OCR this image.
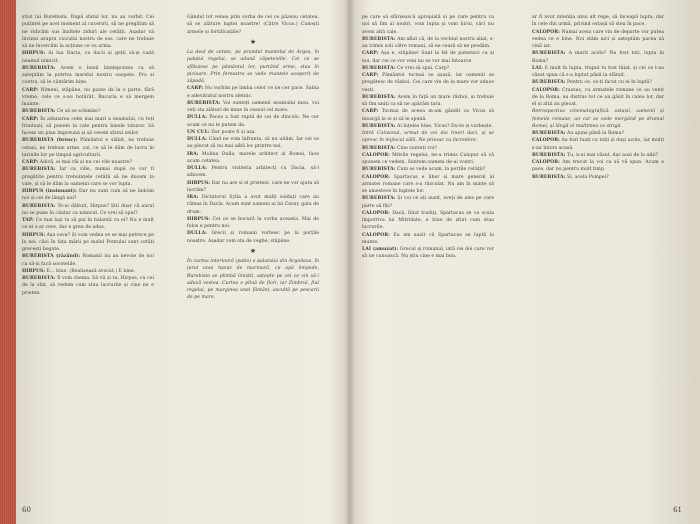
știut lui Burebista. După sfatul lor, nu au vorbit. Cei puțintel pe acel moment al cuceririi, să ne pregătim să ne ridicăm sus înaltele ziduri ale cetății. Așadar vă învinui asupra ciocului nostru de sus, care ne trebuie să ne încercăm la acțiune ce va urma.

HIRPUS: Ai lua Dacia, ca dacii și geții să-și vadă neamul nimicit.

BUREBISTA: Avem o bună înțelepciune ca să așteptăm la potriva marelui nostru oaspete. Pro și contra, să le cântărim bine.

CARP: Nimeni, stăpâne, nu poate da la o parte, fără vreme, cele ce s-au hotărât. Bucuria e să mergem înainte.

BUREBISTA: Ce să se schimbe?

CARP: În adunarea celei mai mari a neamului, cu toți fruntașii, să punem la cale pentru binele tuturor. Să facem un plan împreună și să cerem sfatul zeilor.

BUREBISTA (brusc): Pământul e slăbit, ne trebuie ostași, ne trebuie arme, cai, ce să le dăm de lucru în țarinile lor pe timpul agriculturii.

CARP: Adică, ei mai răi și nu cei vile noastre?

BUREBISTA: Iar ca ville, numai după ce vor fi pregătite pentru trebuințele cetății să ne ducem la vale, și să le dăm la oamenii care se vor lupta.

HIRPUS (insinuant): Dar nu sunt cum să ne îndoim noi și cei de lângă noi?

BUREBISTA: Te-ai dăltuit, Hirpus? Știi doar că aurul nu se pune în cântar ca nimicul. Ce vrei să spui?

TAP: Ce mai lași tu să pui în balanță cu ei? Nu e mult ce ni s-ar cere, dar e greu de adus.

HIRPUS: Așa ceva? Și vom vedea ce se mai petrece pe la noi, căci în fața mării pe malul Pontului sunt cetăți grecești bogate.

BUREBISTA (râzând): Romanii nu au nevoie de noi ca să-și facă socotelile.

HIRPUS: E... bine. (Realizează avocat.) E bine.

BUREBISTA: Îl vom chema. Să vii și tu, Hirpus, cu cei de la sfat, să vedem cum stau lucrurile și cine ne e prieten.

Gândul tot venea prin vorba de cei ce păzeau cetatea, să se alăture luptei noastre! (Către Vicus.) Cunoști armele și fortificațiile?

★

La deal de cetate, pe prundul muntelui de Argeș, în palatul regelui, se adună căpeteniile. Cei ce se sfătuiesc pe pământul lor, purtând arme, stau în picioare. Prin fereastra se vede muntele acoperit de zăpadă.

CARP: Nu vorbim pe limba celor ce ne cer pace. Sabia e adevăratul nostru sfetnic.

BUREBISTA: Voi sunteți oamenii neamului meu, voi veți sta alături de mine în ceasul cel mare.

DULLA: Pacea a fost ruptă de cei de dincolo. Ne cer acum ce nu le putem da.

UN CUL: Dar poate fi și așa.

DULLA: Când ne vom înfrunta, să nu uităm. Iar cei ce au plecat să nu mai aibă loc printre noi.

IRA: Molina Dulla, marele arhitect al Romei, face acum cetatea.

DULLA: Pentru vistieria arhitecți cu Dacia, să-l aducem.

HIRPUS: Dar nu are și el prieteni, care ne vor ajuta să lucrăm?

IRA: Dictatorul Sylla a avut mulți soldați care au rămas în Dacia. Acum sunt oameni ai lui Cezar, gata de drum.

HIRPUS: Cei ce se bucură la vorba aceasta. Mai de folos e pentru noi.

DULLA: Grecii și romanii vorbesc pe la porțile noastre. Așadar vom sta de veghe, stăpâne.

★

În curtea interioară (patio) a palatului din Argedava, în jurul unui havuz de marmură, cu apă limpede, Burebista se plimbă liniștit, aștepte pe cei ce vin să-i aducă vestea. Curtea e plină de flori, iar Zimbrul, fiul regelui, pe marginea unei fântâni, ascultă pe pescarii de pe mare.

60

pe care să sfârșească apropiată și pe care pentru ca noi să fim ai noștri, vom lupta și vom birui, căci nu avem altă cale.

BUREBISTA: Am aflat că, de la vechiul nostru aliat, s-au trimis soli către romani, să ne ceară să ne predăm.

CARP: Așa e, stăpâne! Sunt la fel de puternici ca și noi, dar cei ce vor veni nu se vor mai întoarce.

BUREBISTA: Ce vrei să spui, Carp?

CARP: Pământul tocmai se așază, iar oamenii se pregătesc de război. Cei care vin de la mare vor aduce vești.

BUREBISTA: Avem în faţă un mare război, și trebuie să fim uniți ca să ne apărăm țara.

CARP: Tocmai de aceea m-am gândit ca Vicus să meargă la ei și să le spună.

BUREBISTA: Ai înțeles bine, Vicus? Du-te și vorbește.

Intră Cotisonul, urmat de cei doi tineri daci, și se opresc în mijlocul sălii. Ne privesc cu încredere.

BUREBISTA: Cine sunteți voi?

CALOPOR: Mitrile regelui, ne-a trimis Calopor să vă spunem ce vedem. Suntem oameni de-ai voștri.

BUREBISTA: Cum se vede acum, la porțile cetății?

CALOPOR: Spartacus e liber și mare general al armatei romane care s-a răsculat. Nu am în minte să se amestece în luptele lor.

BUREBISTA: Și voi ce ați auzit, aveți de ales pe care parte să fiți?

CALOPOR: Dacă, fiind tradiţi, Spartacus se va scula împotriva lui Mitridate, e bine de știut cum stau lucrurile.

CALOPOR: Eu am auzit că Spartacus se luptă la munte.

LAI (amuzat): Grecul și romanul, iată cei doi care vor să ne cunoască. Nu știu cine e mai bun.

ar fi avut intenția unui alt rege, să înceapă lupta; dar în cele din urmă, privind ostașii să stea în pace.

CALOPOR: Numai aceia care vin de departe vor putea vedea ce e bine. Noi stăm aici și așteptăm pacea să vină iar.

BUREBISTA: A murit acolo? Nu fost toți, lupta în Roma?

LAI: E mult în lupta, trupul tu fost tăiat, și cei ce l-au văzut spun că s-a luptat până la sfârșit.

BUREBISTA: Pentru ce, ce-ți facut cu ei în luptă?

CALOPOR: Crassus, cu armatele romane ce au venit de la Roma, au distrus tot ce au găsit în calea lor, dar el și alții au plecat.

Retrospectiva cinematografică: ostașii, oamenii și femeile romane, un car se vede mergând pe drumul Romei, și lângă el mulțimea ce strigă.

BUREBISTA: Au ajuns până la Roma?

CALOPOR: Au fost luați cu toții și duși acolo, iar mulți s-au întors acasă.

BUREBISTA: Tu, n-ai mai văzut, dar auzi de la alții?

CALOPOR: Am trecut la voi ca să vă spun. Acum e pace, dar nu pentru mult timp.

BUREBISTA: Și, acela Pompei?

61
